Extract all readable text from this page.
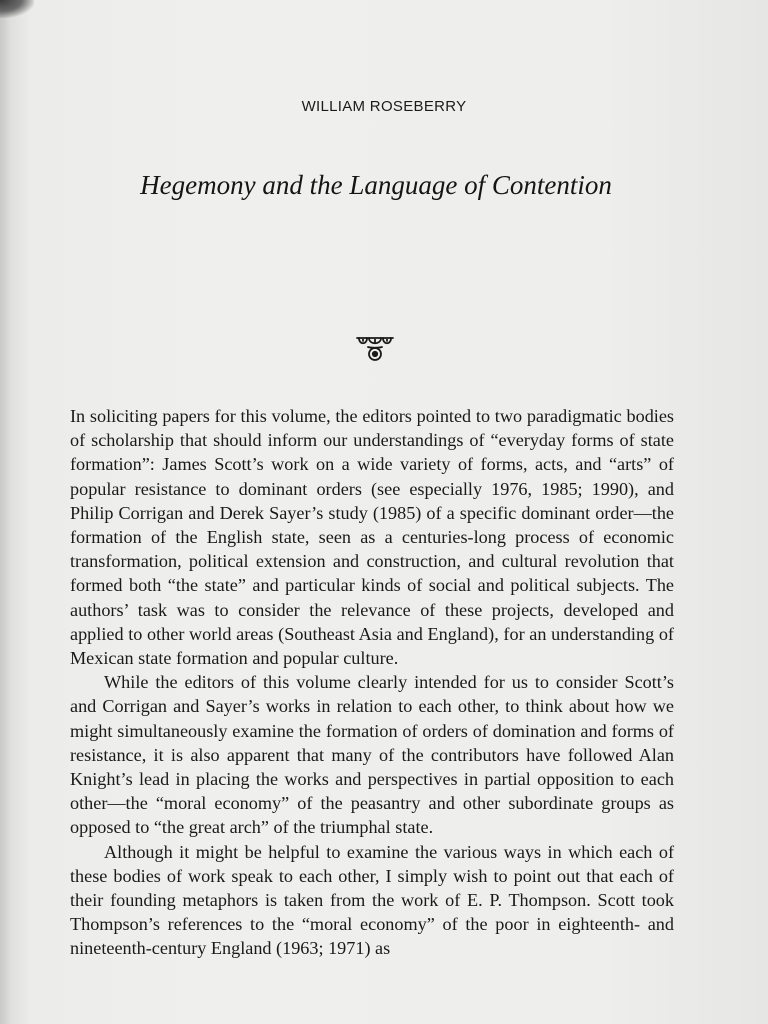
WILLIAM ROSEBERRY
Hegemony and the Language of Contention

In soliciting papers for this volume, the editors pointed to two paradigmatic bodies of scholarship that should inform our understandings of “everyday forms of state formation”: James Scott’s work on a wide variety of forms, acts, and “arts” of popular resistance to dominant orders (see especially 1976, 1985; 1990), and Philip Corrigan and Derek Sayer’s study (1985) of a specific dominant order—the formation of the English state, seen as a centuries-long process of economic transformation, political extension and construction, and cultural revolution that formed both “the state” and particular kinds of social and political subjects. The authors’ task was to consider the relevance of these projects, developed and applied to other world areas (Southeast Asia and England), for an understanding of Mexican state formation and popular culture.

While the editors of this volume clearly intended for us to consider Scott’s and Corrigan and Sayer’s works in relation to each other, to think about how we might simultaneously examine the formation of orders of domination and forms of resistance, it is also apparent that many of the contributors have followed Alan Knight’s lead in placing the works and perspectives in partial opposition to each other—the “moral economy” of the peasantry and other subordinate groups as opposed to “the great arch” of the triumphal state.

Although it might be helpful to examine the various ways in which each of these bodies of work speak to each other, I simply wish to point out that each of their founding metaphors is taken from the work of E. P. Thompson. Scott took Thompson’s references to the “moral economy” of the poor in eighteenth- and nineteenth-century England (1963; 1971) as
